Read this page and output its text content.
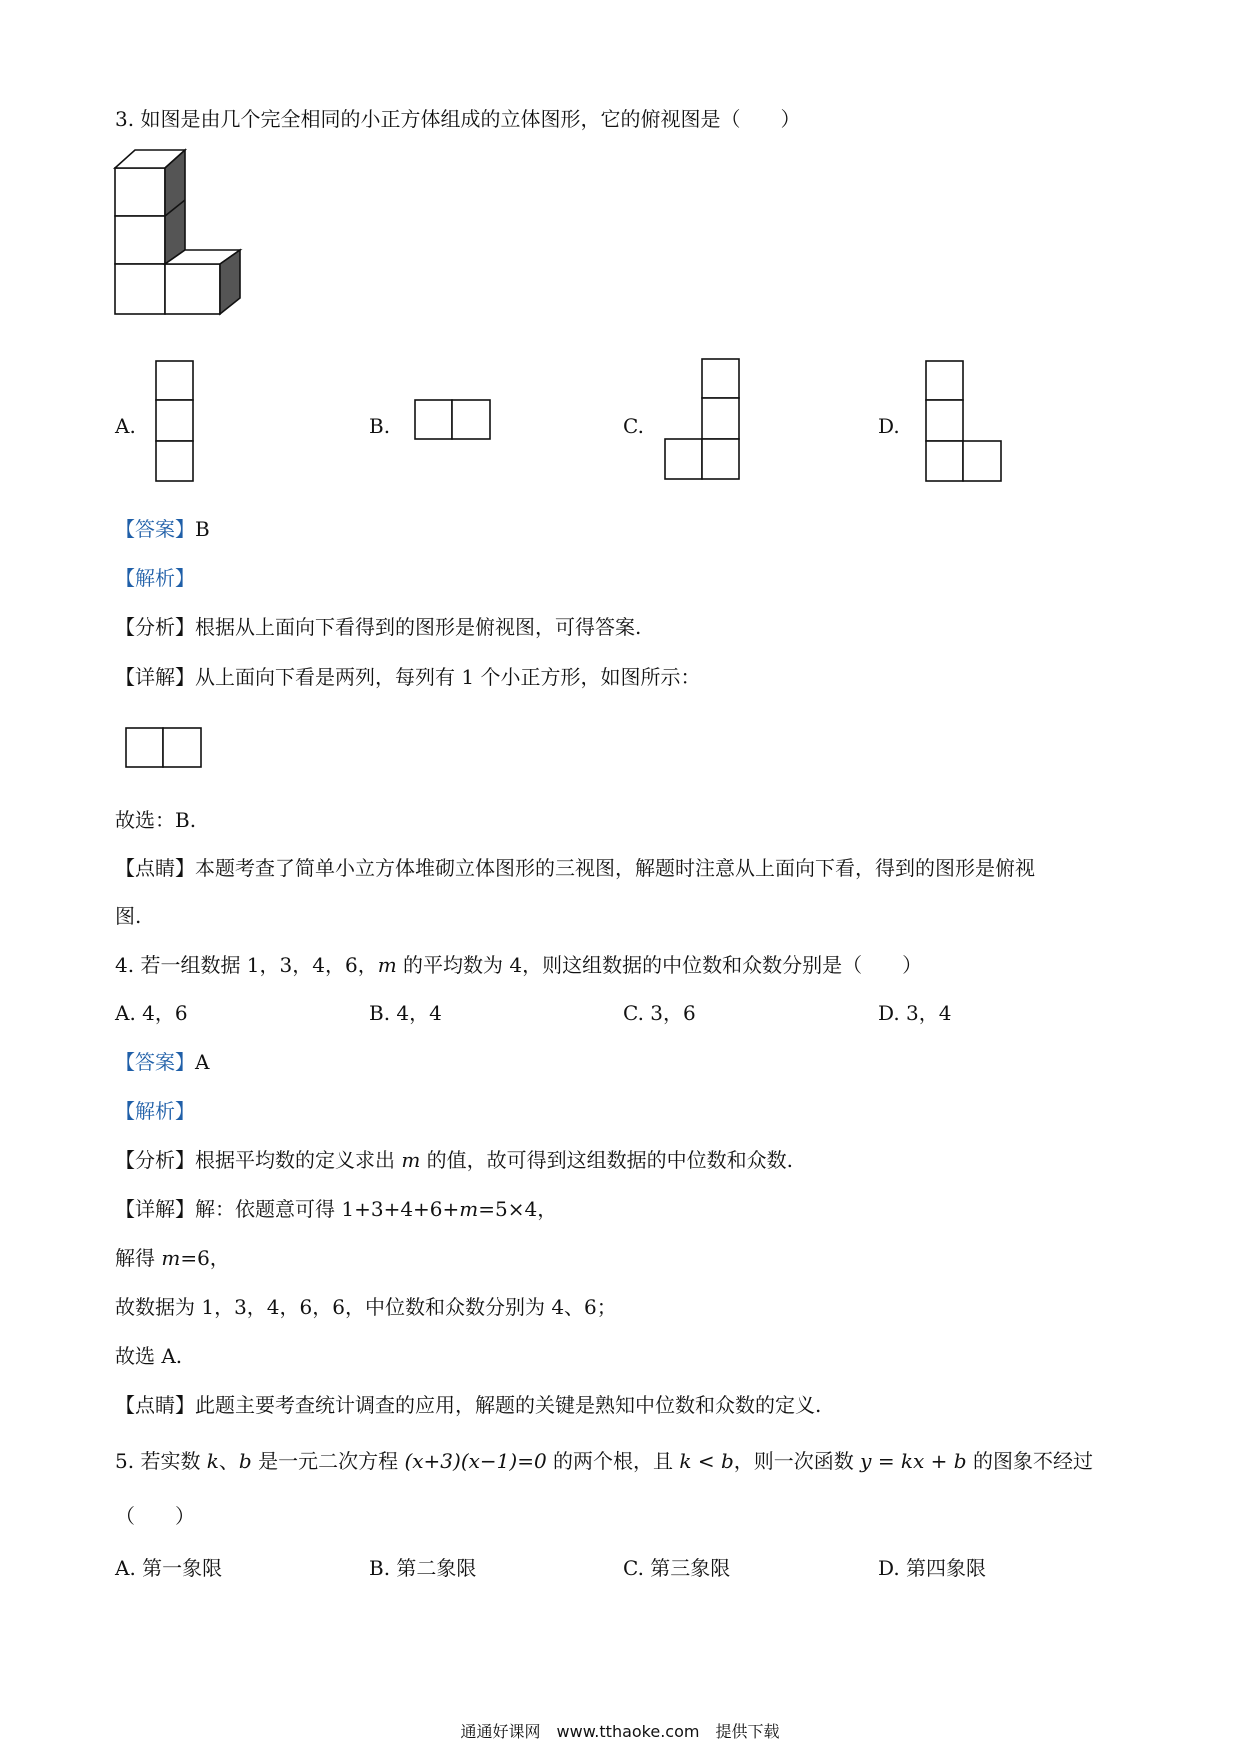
3. 如图是由几个完全相同的小正方体组成的立体图形，它的俯视图是（　　）
A.	B.	C.	D.
【答案】B
【解析】
【分析】根据从上面向下看得到的图形是俯视图，可得答案.
【详解】从上面向下看是两列，每列有 1 个小正方形，如图所示：
故选：B.
【点睛】本题考查了简单小立方体堆砌立体图形的三视图，解题时注意从上面向下看，得到的图形是俯视
图.
4. 若一组数据 1，3，4，6，m 的平均数为 4，则这组数据的中位数和众数分别是（　　）
A. 4，6	B. 4，4	C. 3，6	D. 3，4
【答案】A
【解析】
【分析】根据平均数的定义求出 m 的值，故可得到这组数据的中位数和众数.
【详解】解：依题意可得 1+3+4+6+m=5×4，
解得 m=6，
故数据为 1，3，4，6，6，中位数和众数分别为 4、6；
故选 A.
【点睛】此题主要考查统计调查的应用，解题的关键是熟知中位数和众数的定义.
5. 若实数 k、b 是一元二次方程 (x+3)(x−1)=0 的两个根，且 k < b，则一次函数 y = kx + b 的图象不经过
（　　）
A. 第一象限	B. 第二象限	C. 第三象限	D. 第四象限
通通好课网　www.tthaoke.com　提供下载
